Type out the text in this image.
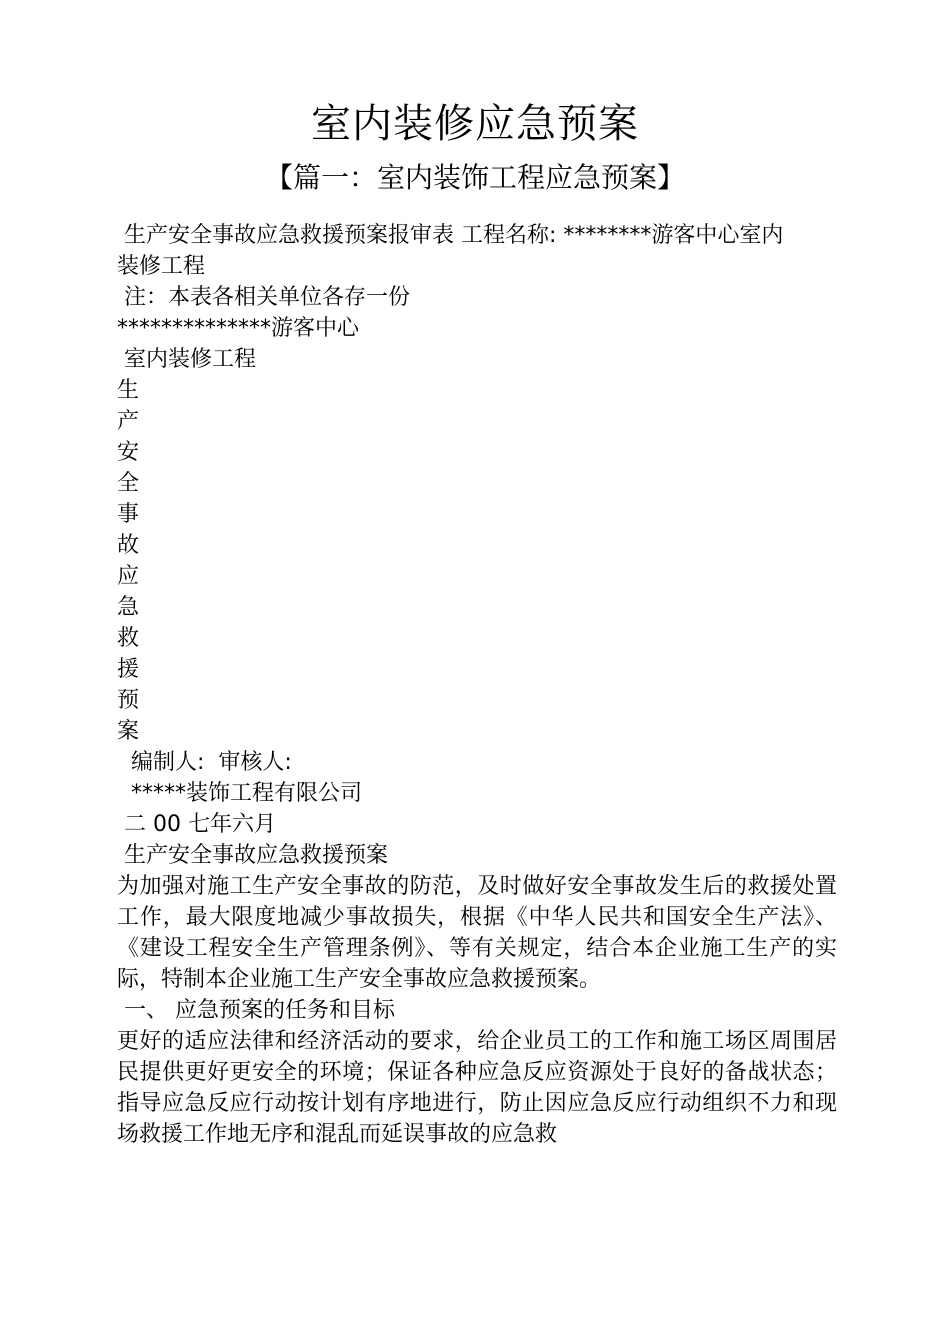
室内装修应急预案
【篇一：室内装饰工程应急预案】
生产安全事故应急救援预案报审表 工程名称: ********游客中心室内
装修工程
注：本表各相关单位各存一份
**************游客中心
室内装修工程
生
产
安
全
事
故
应
急
救
援
预
案
编制人:  审核人:
*****装饰工程有限公司
二 00 七年六月
生产安全事故应急救援预案
为加强对施工生产安全事故的防范，及时做好安全事故发生后的救援处置工作，最大限度地减少事故损失，根据《中华人民共和国安全生产法》、《建设工程安全生产管理条例》、等有关规定，结合本企业施工生产的实际，特制本企业施工生产安全事故应急救援预案。
一、 应急预案的任务和目标
更好的适应法律和经济活动的要求，给企业员工的工作和施工场区周围居民提供更好更安全的环境；保证各种应急反应资源处于良好的备战状态；指导应急反应行动按计划有序地进行，防止因应急反应行动组织不力和现场救援工作地无序和混乱而延误事故的应急救
